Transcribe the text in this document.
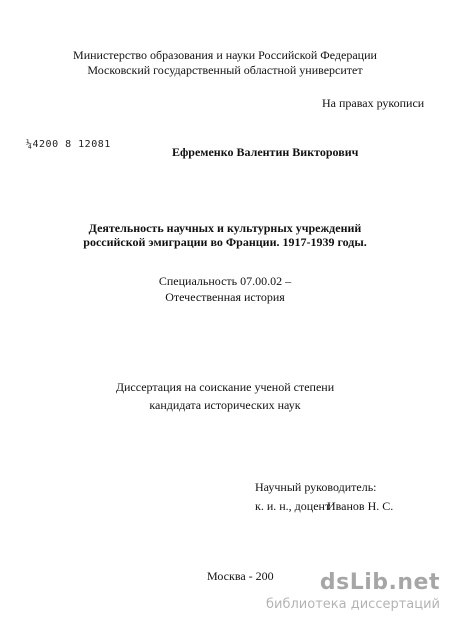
Министерство образования и науки Российской Федерации
Московский государственный областной университет
На правах рукописи
¼4200 8 12081
Ефременко Валентин Викторович
Деятельность научных и культурных учреждений
российской эмиграции во Франции. 1917-1939 годы.
Специальность 07.00.02 –
Отечественная история
Диссертация на соискание ученой степени
кандидата исторических наук
Научный руководитель:
к. и. н., доцент
Иванов Н. С.
Москва - 200	dsLib.net
библиотека диссертаций
